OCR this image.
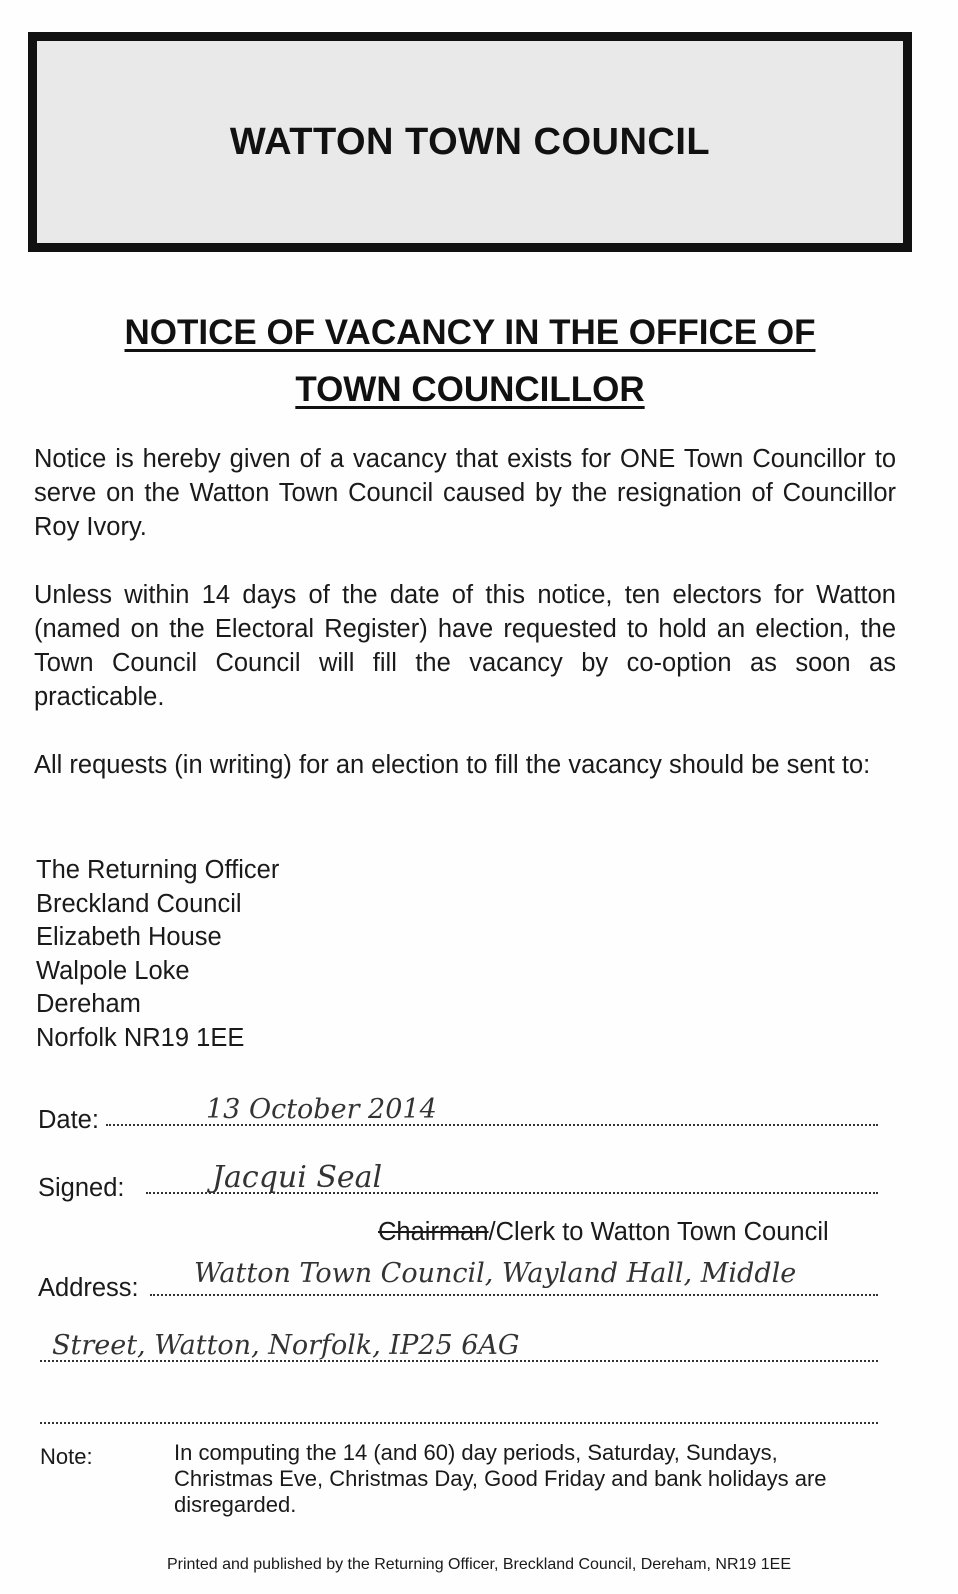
WATTON TOWN COUNCIL
NOTICE OF VACANCY IN THE OFFICE OF
TOWN COUNCILLOR

Notice is hereby given of a vacancy that exists for ONE Town Councillor to serve on the Watton Town Council caused by the resignation of Councillor Roy Ivory.

Unless within 14 days of the date of this notice, ten electors for Watton (named on the Electoral Register) have requested to hold an election, the Town Council Council will fill the vacancy by co-option as soon as practicable.

All requests (in writing) for an election to fill the vacancy should be sent to:

The Returning Officer
Breckland Council
Elizabeth House
Walpole Loke
Dereham
Norfolk NR19 1EE
Date:	13 October 2014
Signed:	Jacqui Seal
Chairman/Clerk to Watton Town Council
Address: Watton Town Council, Wayland Hall, Middle
Street, Watton, Norfolk, IP25 6AG
Note:	In computing the 14 (and 60) day periods, Saturday, Sundays, Christmas Eve, Christmas Day, Good Friday and bank holidays are disregarded.
Printed and published by the Returning Officer, Breckland Council, Dereham, NR19 1EE
